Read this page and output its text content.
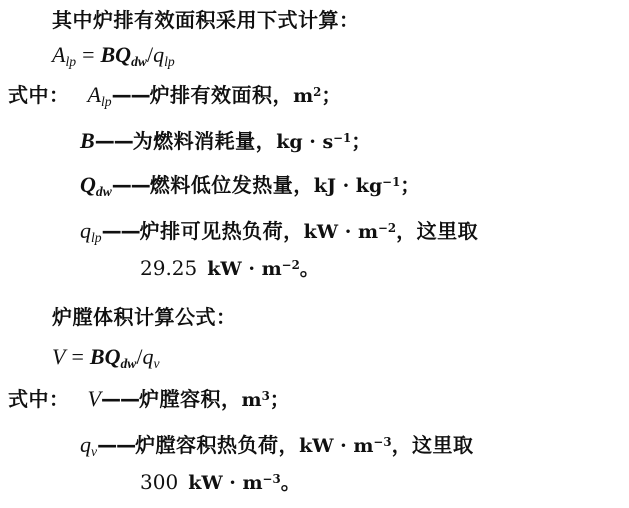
其中炉排有效面积采用下式计算：
$A_{lp} = BQ_{dw}/q_{lp}$
式中： $A_{lp}——$炉排有效面积，$m^2$；
B——为燃料消耗量，kg · $s^{-1}$；
$Q_{dw}——$燃料低位发热量，kJ · $kg^{-1}$；
$q_{lp}——$炉排可见热负荷，kW · $m^{-2}$，这里取
29.25 kW · $m^{-2}$。
炉膛体积计算公式：
$V = BQ_{dw}/q_v$
式中： V——炉膛容积，$m^3$；
$q_v——$炉膛容积热负荷，kW · $m^{-3}$，这里取
300 kW · $m^{-3}$。
